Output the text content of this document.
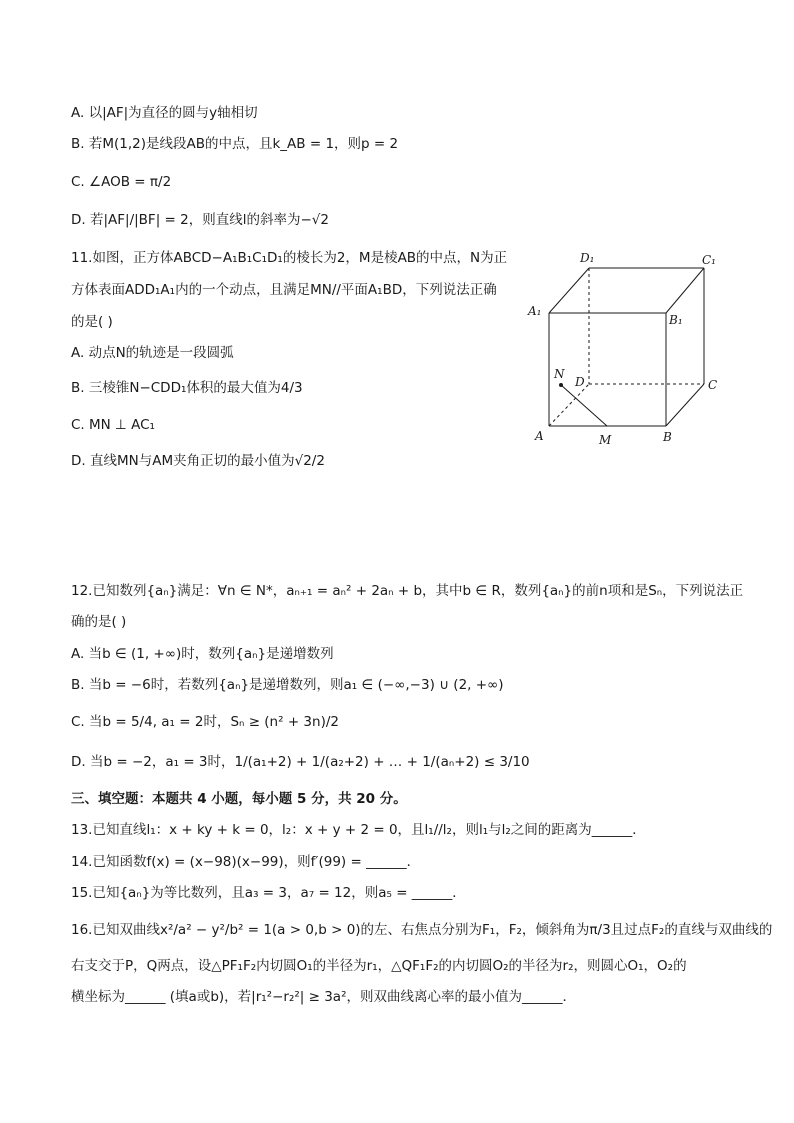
A. 以|AF|为直径的圆与y轴相切
B. 若M(1,2)是线段AB的中点，且k_AB = 1，则p = 2
C. ∠AOB = π/2
D. 若|AF|/|BF| = 2，则直线l的斜率为−√2
11.如图，正方体ABCD−A₁B₁C₁D₁的棱长为2，M是棱AB的中点，N为正
方体表面ADD₁A₁内的一个动点，且满足MN//平面A₁BD，下列说法正确
的是( )
A. 动点N的轨迹是一段圆弧
B. 三棱锥N−CDD₁体积的最大值为4/3
C. MN ⊥ AC₁
D. 直线MN与AM夹角正切的最小值为√2/2
D₁	C₁
A₁
B₁
N
D	C
A	M	B
12.已知数列{aₙ}满足：∀n ∈ N*，aₙ₊₁ = aₙ² + 2aₙ + b，其中b ∈ R，数列{aₙ}的前n项和是Sₙ，下列说法正
确的是( )
A. 当b ∈ (1, +∞)时，数列{aₙ}是递增数列
B. 当b = −6时，若数列{aₙ}是递增数列，则a₁ ∈ (−∞,−3) ∪ (2, +∞)
C. 当b = 5/4, a₁ = 2时，Sₙ ≥ (n² + 3n)/2
D. 当b = −2，a₁ = 3时，1/(a₁+2) + 1/(a₂+2) + … + 1/(aₙ+2) ≤ 3/10
三、填空题：本题共 4 小题，每小题 5 分，共 20 分。
13.已知直线l₁：x + ky + k = 0，l₂：x + y + 2 = 0，且l₁//l₂，则l₁与l₂之间的距离为______．
14.已知函数f(x) = (x−98)(x−99)，则f′(99) = ______．
15.已知{aₙ}为等比数列，且a₃ = 3，a₇ = 12，则a₅ = ______．
16.已知双曲线x²/a² − y²/b² = 1(a > 0,b > 0)的左、右焦点分别为F₁，F₂，倾斜角为π/3且过点F₂的直线与双曲线的
右支交于P，Q两点，设△PF₁F₂内切圆O₁的半径为r₁，△QF₁F₂的内切圆O₂的半径为r₂，则圆心O₁，O₂的
横坐标为______ (填a或b)，若|r₁²−r₂²| ≥ 3a²，则双曲线离心率的最小值为______．
